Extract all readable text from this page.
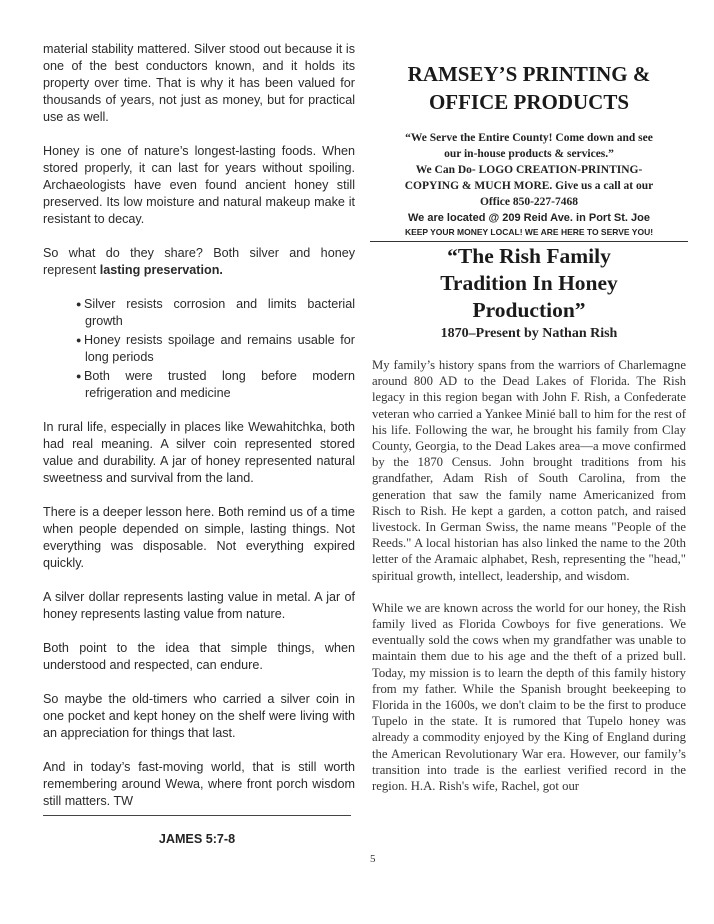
material stability mattered. Silver stood out because it is one of the best conductors known, and it holds its property over time. That is why it has been valued for thousands of years, not just as money, but for practical use as well.

Honey is one of nature’s longest-lasting foods. When stored properly, it can last for years without spoiling. Archaeologists have even found ancient honey still preserved. Its low moisture and natural makeup make it resistant to decay.

So what do they share? Both silver and honey represent lasting preservation.

● Silver resists corrosion and limits bacterial growth
● Honey resists spoilage and remains usable for long periods
● Both were trusted long before modern refrigeration and medicine

In rural life, especially in places like Wewahitchka, both had real meaning. A silver coin represented stored value and durability. A jar of honey represented natural sweetness and survival from the land.

There is a deeper lesson here. Both remind us of a time when people depended on simple, lasting things. Not everything was disposable. Not everything expired quickly.

A silver dollar represents lasting value in metal. A jar of honey represents lasting value from nature.

Both point to the idea that simple things, when understood and respected, can endure.

So maybe the old-timers who carried a silver coin in one pocket and kept honey on the shelf were living with an appreciation for things that last.

And in today’s fast-moving world, that is still worth remembering around Wewa, where front porch wisdom still matters. TW

JAMES 5:7-8
RAMSEY’S PRINTING &
OFFICE PRODUCTS
“We Serve the Entire County! Come down and see
our in-house products & services.”
We Can Do- LOGO CREATION-PRINTING-
COPYING & MUCH MORE. Give us a call at our
Office 850-227-7468
We are located @ 209 Reid Ave. in Port St. Joe
KEEP YOUR MONEY LOCAL! WE ARE HERE TO SERVE YOU!
“The Rish Family
Tradition In Honey
Production”
1870–Present by Nathan Rish

My family’s history spans from the warriors of Charlemagne around 800 AD to the Dead Lakes of Florida. The Rish legacy in this region began with John F. Rish, a Confederate veteran who carried a Yankee Minié ball to him for the rest of his life. Following the war, he brought his family from Clay County, Georgia, to the Dead Lakes area—a move confirmed by the 1870 Census. John brought traditions from his grandfather, Adam Rish of South Carolina, from the generation that saw the family name Americanized from Risch to Rish. He kept a garden, a cotton patch, and raised livestock. In German Swiss, the name means "People of the Reeds." A local historian has also linked the name to the 20th letter of the Aramaic alphabet, Resh, representing the "head," spiritual growth, intellect, leadership, and wisdom.

While we are known across the world for our honey, the Rish family lived as Florida Cowboys for five generations. We eventually sold the cows when my grandfather was unable to maintain them due to his age and the theft of a prized bull. Today, my mission is to learn the depth of this family history from my father. While the Spanish brought beekeeping to Florida in the 1600s, we don't claim to be the first to produce Tupelo in the state. It is rumored that Tupelo honey was already a commodity enjoyed by the King of England during the American Revolutionary War era. However, our family’s transition into trade is the earliest verified record in the region. H.A. Rish's wife, Rachel, got our

5
